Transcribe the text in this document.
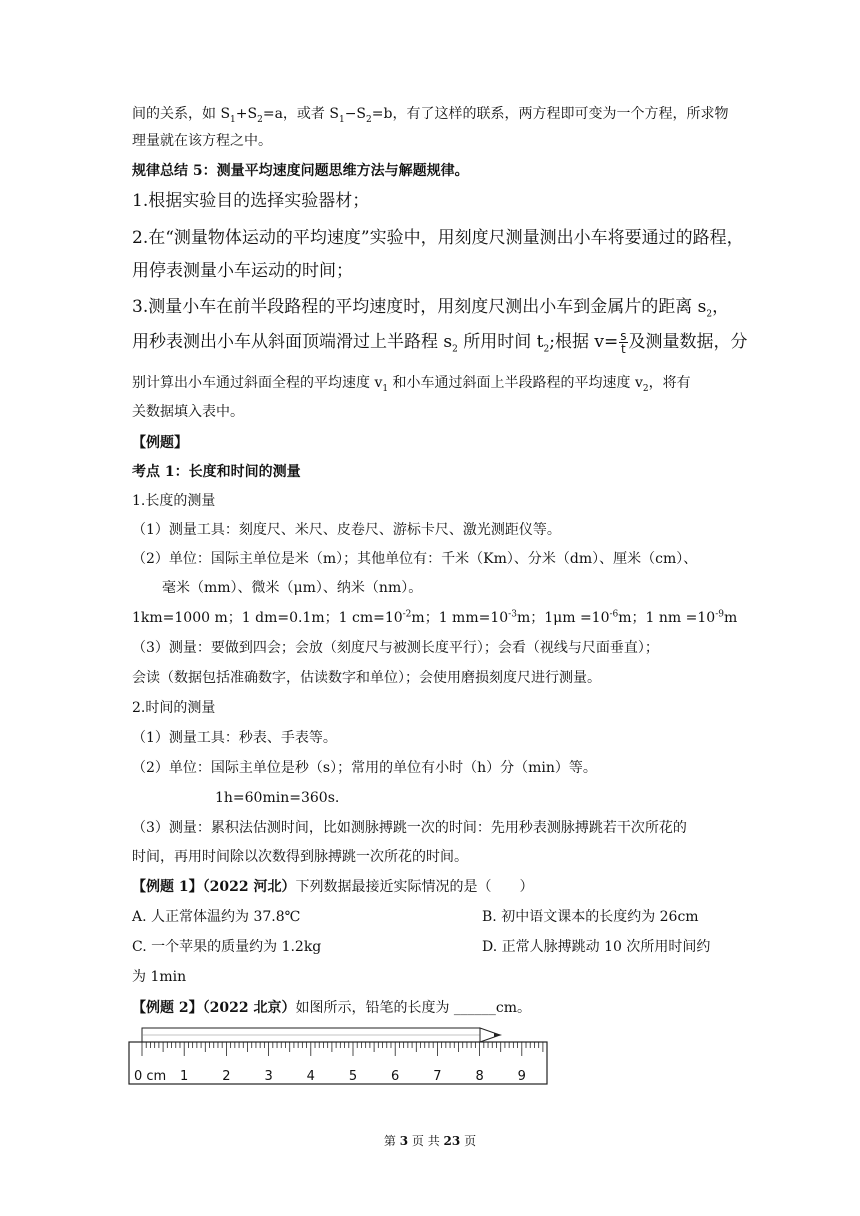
间的关系，如 $S_1+S_2=a$，或者 $S_1-S_2=b$，有了这样的联系，两方程即可变为一个方程，所求物
理量就在该方程之中。
规律总结 5：测量平均速度问题思维方法与解题规律。
1.根据实验目的选择实验器材；
2.在“测量物体运动的平均速度”实验中，用刻度尺测量测出小车将要通过的路程，
用停表测量小车运动的时间；
3.测量小车在前半段路程的平均速度时，用刻度尺测出小车到金属片的距离 $s_2$，
用秒表测出小车从斜面顶端滑过上半路程 $s_2$ 所用时间 $t_2$;根据 $v= \frac{s}{t}$ 及测量数据，分
别计算出小车通过斜面全程的平均速度 $v_1$ 和小车通过斜面上半段路程的平均速度 $v_2$，将有
关数据填入表中。
【例题】
考点 1：长度和时间的测量
1.长度的测量
（1）测量工具：刻度尺、米尺、皮卷尺、游标卡尺、激光测距仪等。
（2）单位：国际主单位是米（m）；其他单位有：千米（Km）、分米（dm）、厘米（cm）、
毫米（mm）、微米（μm）、纳米（nm）。
1km=1000 m；1 dm=0.1m；1 $cm=10^{-2}m$；1 $mm=10^{-3}m$；$1\mu m =10^{-6}m$；1 nm $=10^{-9}m$
（3）测量：要做到四会；会放（刻度尺与被测长度平行）；会看（视线与尺面垂直）；
会读（数据包括准确数字，估读数字和单位）；会使用磨损刻度尺进行测量。
2.时间的测量
（1）测量工具：秒表、手表等。
（2）单位：国际主单位是秒（s）；常用的单位有小时（h）分（min）等。
1h=60min=360s.
（3）测量：累积法估测时间，比如测脉搏跳一次的时间：先用秒表测脉搏跳若干次所花的
时间，再用时间除以次数得到脉搏跳一次所花的时间。
【例题 1】（2022 河北）下列数据最接近实际情况的是（　　）
A. 人正常体温约为 37.8℃	B. 初中语文课本的长度约为 26cm
C. 一个苹果的质量约为 1.2kg	D. 正常人脉搏跳动 10 次所用时间约
为 1min
【例题 2】（2022 北京）如图所示，铅笔的长度为 ______cm。
0 cm 1	2	3	4	5	6	7	8	9
第 3 页 共 23 页
